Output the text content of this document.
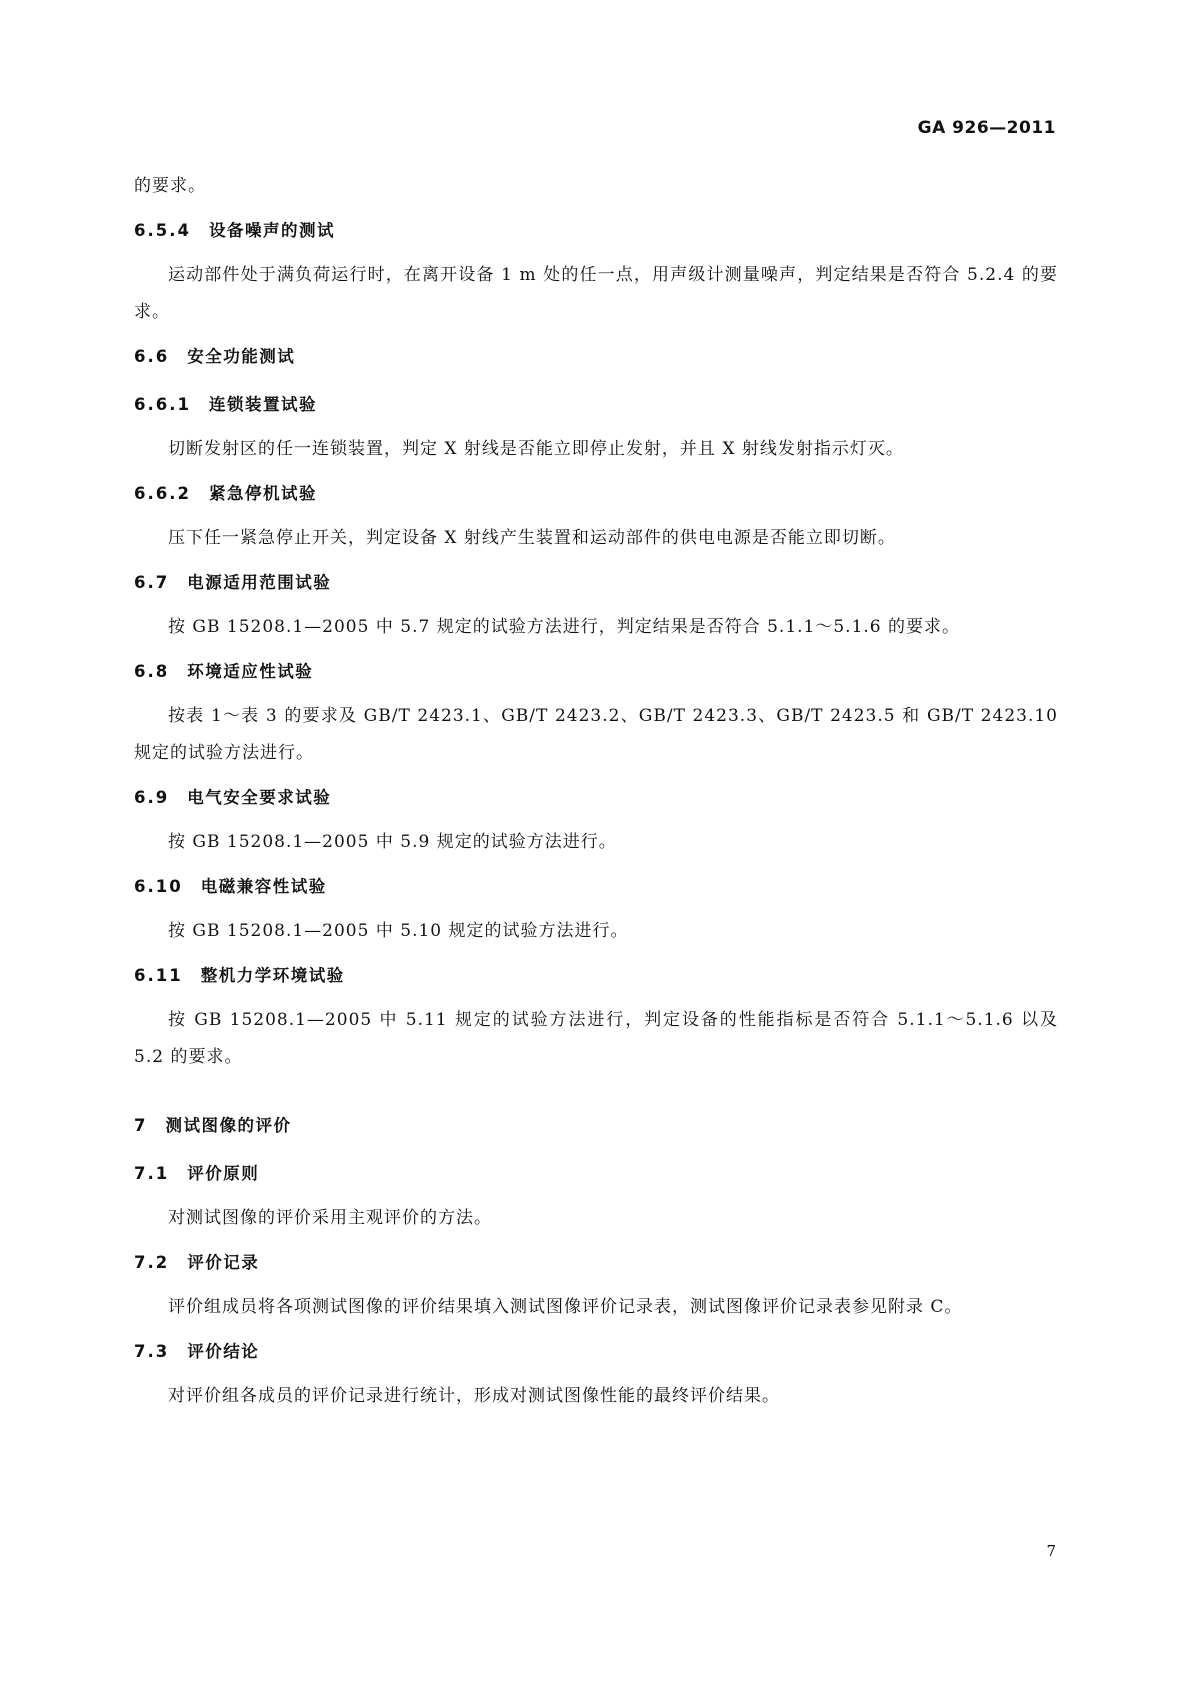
GA 926—2011

的要求。

6.5.4 设备噪声的测试

运动部件处于满负荷运行时，在离开设备 1 m 处的任一点，用声级计测量噪声，判定结果是否符合 5.2.4 的要求。

6.6 安全功能测试
6.6.1 连锁装置试验

切断发射区的任一连锁装置，判定 X 射线是否能立即停止发射，并且 X 射线发射指示灯灭。

6.6.2 紧急停机试验

压下任一紧急停止开关，判定设备 X 射线产生装置和运动部件的供电电源是否能立即切断。

6.7 电源适用范围试验

按 GB 15208.1—2005 中 5.7 规定的试验方法进行，判定结果是否符合 5.1.1～5.1.6 的要求。

6.8 环境适应性试验

按表 1～表 3 的要求及 GB/T 2423.1、GB/T 2423.2、GB/T 2423.3、GB/T 2423.5 和 GB/T 2423.10 规定的试验方法进行。

6.9 电气安全要求试验

按 GB 15208.1—2005 中 5.9 规定的试验方法进行。

6.10 电磁兼容性试验

按 GB 15208.1—2005 中 5.10 规定的试验方法进行。

6.11 整机力学环境试验

按 GB 15208.1—2005 中 5.11 规定的试验方法进行，判定设备的性能指标是否符合 5.1.1～5.1.6 以及 5.2 的要求。

7 测试图像的评价
7.1 评价原则

对测试图像的评价采用主观评价的方法。

7.2 评价记录

评价组成员将各项测试图像的评价结果填入测试图像评价记录表，测试图像评价记录表参见附录 C。

7.3 评价结论

对评价组各成员的评价记录进行统计，形成对测试图像性能的最终评价结果。

7
